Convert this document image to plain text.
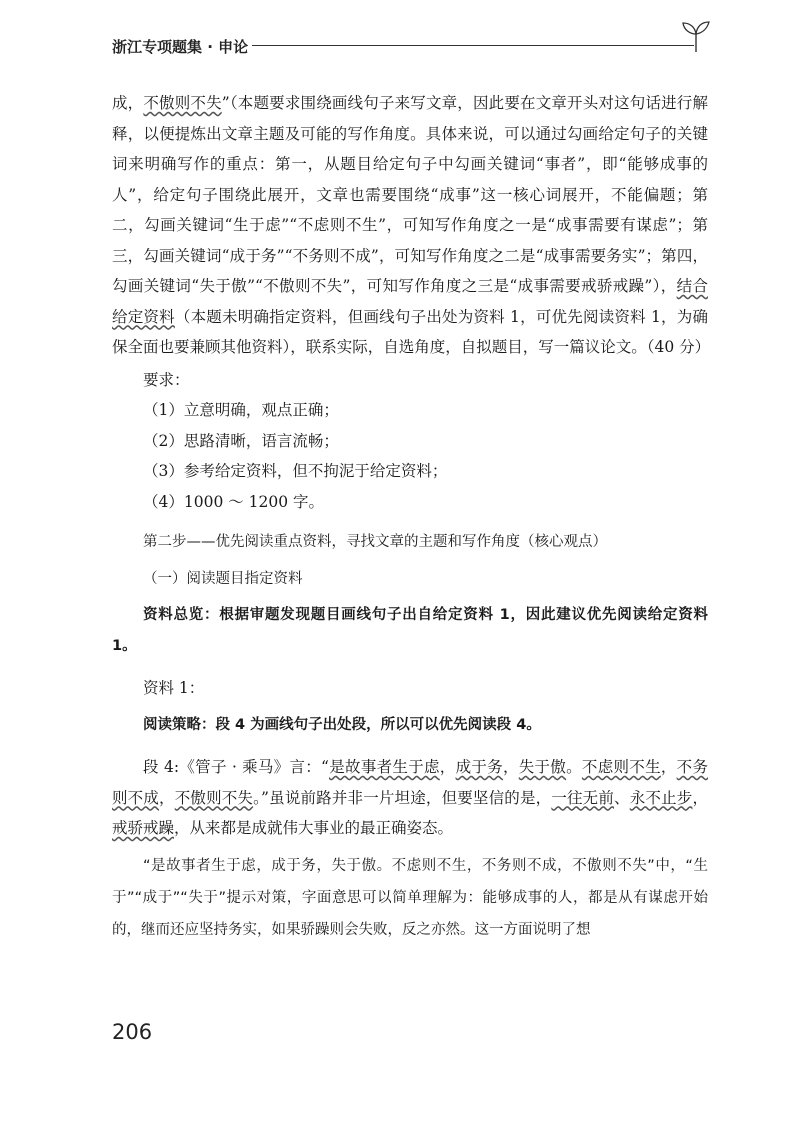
浙江专项题集 · 申论

成，不傲则不失”（本题要求围绕画线句子来写文章，因此要在文章开头对这句话进行解释，以便提炼出文章主题及可能的写作角度。具体来说，可以通过勾画给定句子的关键词来明确写作的重点：第一，从题目给定句子中勾画关键词“事者”，即“能够成事的人”，给定句子围绕此展开，文章也需要围绕“成事”这一核心词展开，不能偏题；第二，勾画关键词“生于虑”“不虑则不生”，可知写作角度之一是“成事需要有谋虑”；第三，勾画关键词“成于务”“不务则不成”，可知写作角度之二是“成事需要务实”；第四，勾画关键词“失于傲”“不傲则不失”，可知写作角度之三是“成事需要戒骄戒躁”），结合给定资料（本题未明确指定资料，但画线句子出处为资料 1，可优先阅读资料 1，为确保全面也要兼顾其他资料），联系实际，自选角度，自拟题目，写一篇议论文。（40 分）

要求：

（1）立意明确，观点正确；

（2）思路清晰，语言流畅；

（3）参考给定资料，但不拘泥于给定资料；

（4）1000 ～ 1200 字。

第二步——优先阅读重点资料，寻找文章的主题和写作角度（核心观点）

（一）阅读题目指定资料

资料总览：根据审题发现题目画线句子出自给定资料 1，因此建议优先阅读给定资料 1。

资料 1：

阅读策略：段 4 为画线句子出处段，所以可以优先阅读段 4。

段 4:《管子 · 乘马》言：“是故事者生于虑，成于务，失于傲。不虑则不生，不务则不成，不傲则不失。”虽说前路并非一片坦途，但要坚信的是，一往无前、永不止步，戒骄戒躁，从来都是成就伟大事业的最正确姿态。

“是故事者生于虑，成于务，失于傲。不虑则不生，不务则不成，不傲则不失”中，“生于”“成于”“失于”提示对策，字面意思可以简单理解为：能够成事的人，都是从有谋虑开始的，继而还应坚持务实，如果骄躁则会失败，反之亦然。这一方面说明了想

206
